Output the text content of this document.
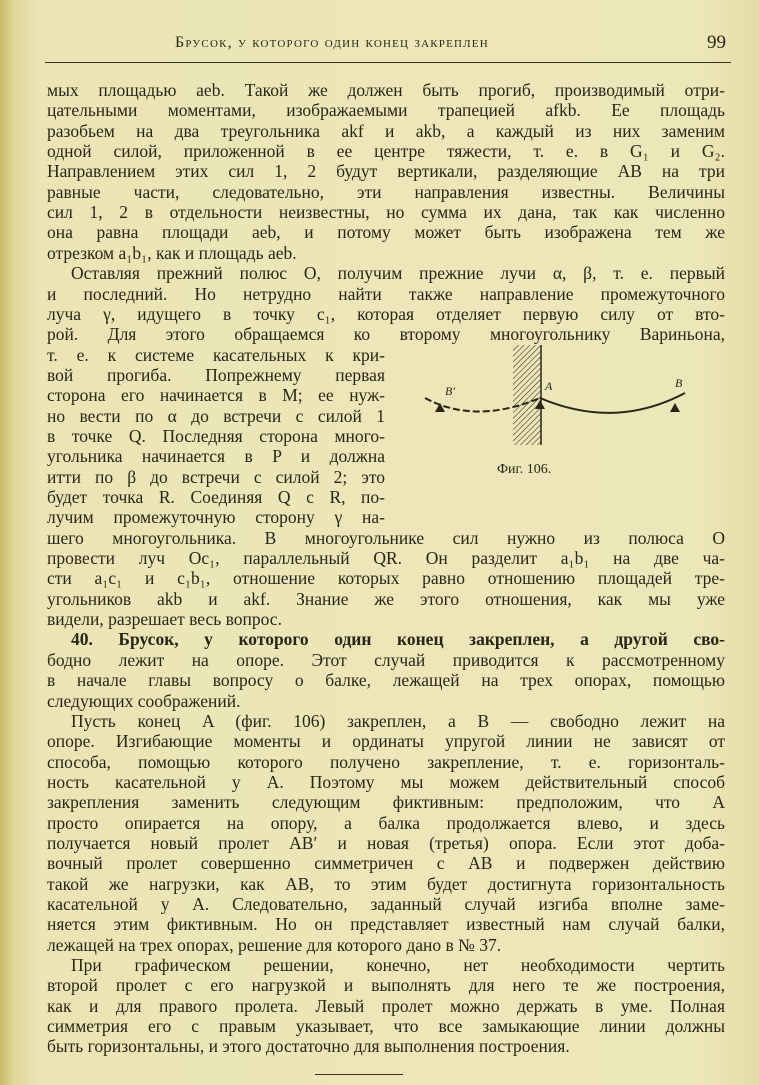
Брусок, у которого один конец закреплен	99
мых площадью aeb. Такой же должен быть прогиб, производимый отри-
цательными моментами, изображаемыми трапецией afkb. Ее площадь
разобьем на два треугольника akf и akb, а каждый из них заменим
одной силой, приложенной в ее центре тяжести, т. е. в G₁ и G₂.
Направлением этих сил 1, 2 будут вертикали, разделяющие AB на три
равные части, следовательно, эти направления известны. Величины
сил 1, 2 в отдельности неизвестны, но сумма их дана, так как численно
она равна площади aeb, и потому может быть изображена тем же
отрезком a₁b₁, как и площадь aeb.
Оставляя прежний полюс O, получим прежние лучи α, β, т. е. первый
и последний. Но нетрудно найти также направление промежуточного
луча γ, идущего в точку c₁, которая отделяет первую силу от вто-
рой. Для этого обращаемся ко второму многоугольнику Вариньона,
т. е. к системе касательных к кри-
вой прогиба. Попрежнему первая
сторона его начинается в M; ее нуж-
но вести по α до встречи с силой 1
в точке Q. Последняя сторона много-
угольника начинается в P и должна
итти по β до встречи с силой 2; это
будет точка R. Соединяя Q с R, по-
лучим промежуточную сторону γ на-
шего многоугольника. В многоугольнике сил нужно из полюса O
провести луч Oc₁, параллельный QR. Он разделит a₁b₁ на две ча-
сти a₁c₁ и c₁b₁, отношение которых равно отношению площадей тре-
угольников akb и akf. Знание же этого отношения, как мы уже
видели, разрешает весь вопрос.
40. Брусок, у которого один конец закреплен, а другой сво-
бодно лежит на опоре. Этот случай приводится к рассмотренному
в начале главы вопросу о балке, лежащей на трех опорах, помощью
следующих соображений.
Пусть конец A (фиг. 106) закреплен, а B — свободно лежит на
опоре. Изгибающие моменты и ординаты упругой линии не зависят от
способа, помощью которого получено закрепление, т. е. горизонталь-
ность касательной у A. Поэтому мы можем действительный способ
закрепления заменить следующим фиктивным: предположим, что A
просто опирается на опору, а балка продолжается влево, и здесь
получается новый пролет AB′ и новая (третья) опора. Если этот доба-
вочный пролет совершенно симметричен с AB и подвержен действию
такой же нагрузки, как AB, то этим будет достигнута горизонтальность
касательной у A. Следовательно, заданный случай изгиба вполне заме-
няется этим фиктивным. Но он представляет известный нам случай балки,
лежащей на трех опорах, решение для которого дано в № 37.
При графическом решении, конечно, нет необходимости чертить
второй пролет с его нагрузкой и выполнять для него те же построения,
как и для правого пролета. Левый пролет можно держать в уме. Полная
симметрия его с правым указывает, что все замыкающие линии должны
быть горизонтальны, и этого достаточно для выполнения построения.
B′	A	B
Фиг. 106.
